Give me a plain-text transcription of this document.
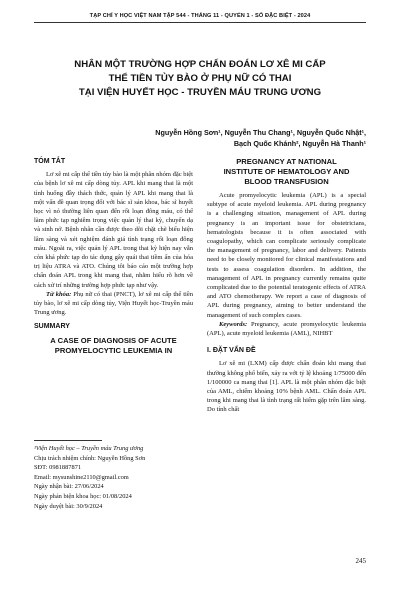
TẠP CHÍ Y HỌC VIỆT NAM TẬP 544 - THÁNG 11 - QUYỂN 1 - SỐ ĐẶC BIỆT - 2024
NHÂN MỘT TRƯỜNG HỢP CHẨN ĐOÁN LƠ XÊ MI CẤP
THỂ TIỀN TỦY BÀO Ở PHỤ NỮ CÓ THAI
TẠI VIỆN HUYẾT HỌC - TRUYỀN MÁU TRUNG ƯƠNG
Nguyễn Hồng Sơn¹, Nguyễn Thu Chang¹, Nguyễn Quốc Nhật¹,
Bạch Quốc Khánh², Nguyễn Hà Thanh¹
TÓM TẮT

Lơ xê mi cấp thể tiền tủy bào là một phân nhóm đặc biệt của bệnh lơ xê mi cấp dòng tủy. APL khi mang thai là một tình huống đầy thách thức, quản lý APL khi mang thai là một vấn đề quan trọng đối với bác sĩ sản khoa, bác sĩ huyết học vì nó thường liên quan đến rối loạn đông máu, có thể làm phức tạp nghiêm trọng việc quản lý thai kỳ, chuyển dạ và sinh nở. Bệnh nhân cần được theo dõi chặt chẽ biểu hiện lâm sàng và xét nghiệm đánh giá tình trạng rối loạn đông máu. Ngoài ra, việc quản lý APL trong thai kỳ hiện nay vẫn còn khá phức tạp do tác dụng gây quái thai tiềm ẩn của hóa trị liệu ATRA và ATO. Chúng tôi báo cáo một trường hợp chẩn đoán APL trong khi mang thai, nhằm hiểu rõ hơn về cách xử trí những trường hợp phức tạp như vậy.

Từ khóa: Phụ nữ có thai (PNCT), lơ xê mi cấp thể tiền tủy bào, lơ xê mi cấp dòng tủy, Viện Huyết học-Truyền máu Trung ương.

SUMMARY

A CASE OF DIAGNOSIS OF ACUTE

PROMYELOCYTIC LEUKEMIA IN

¹Viện Huyết học – Truyền máu Trung ương
Chịu trách nhiệm chính: Nguyễn Hồng Sơn
SĐT: 0981887871
Email: mysunshine2110@gmail.com
Ngày nhận bài: 27/06/2024
Ngày phản biện khoa học: 01/08/2024
Ngày duyệt bài: 30/9/2024
PREGNANCY AT NATIONAL
INSTITUTE OF HEMATOLOGY AND
BLOOD TRANSFUSION

Acute promyelocytic leukemia (APL) is a special subtype of acute myeloid leukemia. APL during pregnancy is a challenging situation, management of APL during pregnancy is an important issue for obstetricians, hematologists because it is often associated with coagulopathy, which can complicate seriously complicate the management of pregnancy, labor and delivery. Patients need to be closely monitored for clinical manifestations and tests to assess coagulation disorders. In addition, the management of APL in pregnancy currently remains quite complicated due to the potential teratogenic effects of ATRA and ATO chemotherapy. We report a case of diagnosis of APL during pregnancy, aiming to better understand the management of such complex cases.

Keywords: Pregnancy, acute promyelocytic leukemia (APL), acute myeloid leukemia (AML), NIHBT

I. ĐẶT VẤN ĐỀ

Lơ xê mi (LXM) cấp được chẩn đoán khi mang thai thường không phổ biến, xảy ra với tỷ lệ khoảng 1/75000 đến 1/100000 ca mang thai [1]. APL là một phân nhóm đặc biệt của AML, chiếm khoảng 10% bệnh AML. Chẩn đoán APL trong khi mang thai là tình trạng rất hiếm gặp trên lâm sàng. Do tính chất

245
